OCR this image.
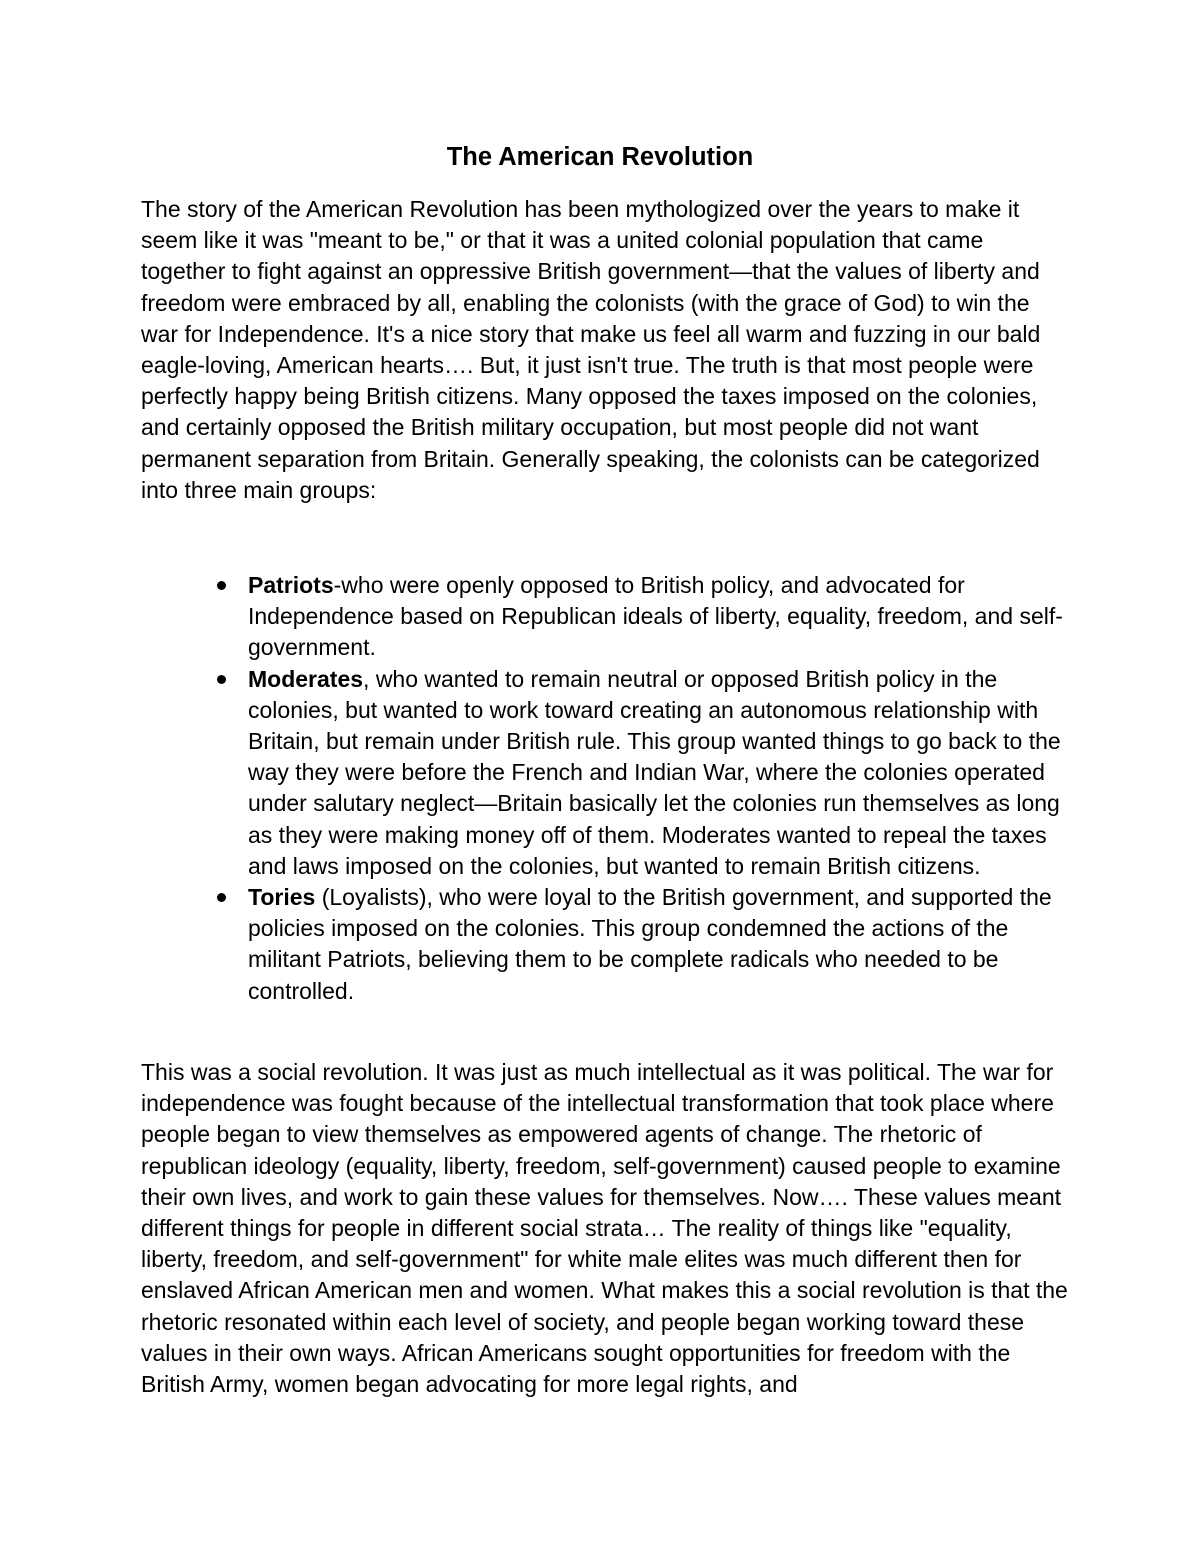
The American Revolution

The story of the American Revolution has been mythologized over the years to make it seem like it was "meant to be," or that it was a united colonial population that came together to fight against an oppressive British government—that the values of liberty and freedom were embraced by all, enabling the colonists (with the grace of God) to win the war for Independence. It's a nice story that make us feel all warm and fuzzing in our bald eagle-loving, American hearts…. But, it just isn't true. The truth is that most people were perfectly happy being British citizens. Many opposed the taxes imposed on the colonies, and certainly opposed the British military occupation, but most people did not want permanent separation from Britain. Generally speaking, the colonists can be categorized into three main groups:

Patriots-who were openly opposed to British policy, and advocated for Independence based on Republican ideals of liberty, equality, freedom, and self-government.
Moderates, who wanted to remain neutral or opposed British policy in the colonies, but wanted to work toward creating an autonomous relationship with Britain, but remain under British rule. This group wanted things to go back to the way they were before the French and Indian War, where the colonies operated under salutary neglect—Britain basically let the colonies run themselves as long as they were making money off of them. Moderates wanted to repeal the taxes and laws imposed on the colonies, but wanted to remain British citizens.
Tories (Loyalists), who were loyal to the British government, and supported the policies imposed on the colonies. This group condemned the actions of the militant Patriots, believing them to be complete radicals who needed to be controlled.

This was a social revolution. It was just as much intellectual as it was political. The war for independence was fought because of the intellectual transformation that took place where people began to view themselves as empowered agents of change. The rhetoric of republican ideology (equality, liberty, freedom, self-government) caused people to examine their own lives, and work to gain these values for themselves. Now…. These values meant different things for people in different social strata… The reality of things like "equality, liberty, freedom, and self-government" for white male elites was much different then for enslaved African American men and women. What makes this a social revolution is that the rhetoric resonated within each level of society, and people began working toward these values in their own ways. African Americans sought opportunities for freedom with the British Army, women began advocating for more legal rights, and
